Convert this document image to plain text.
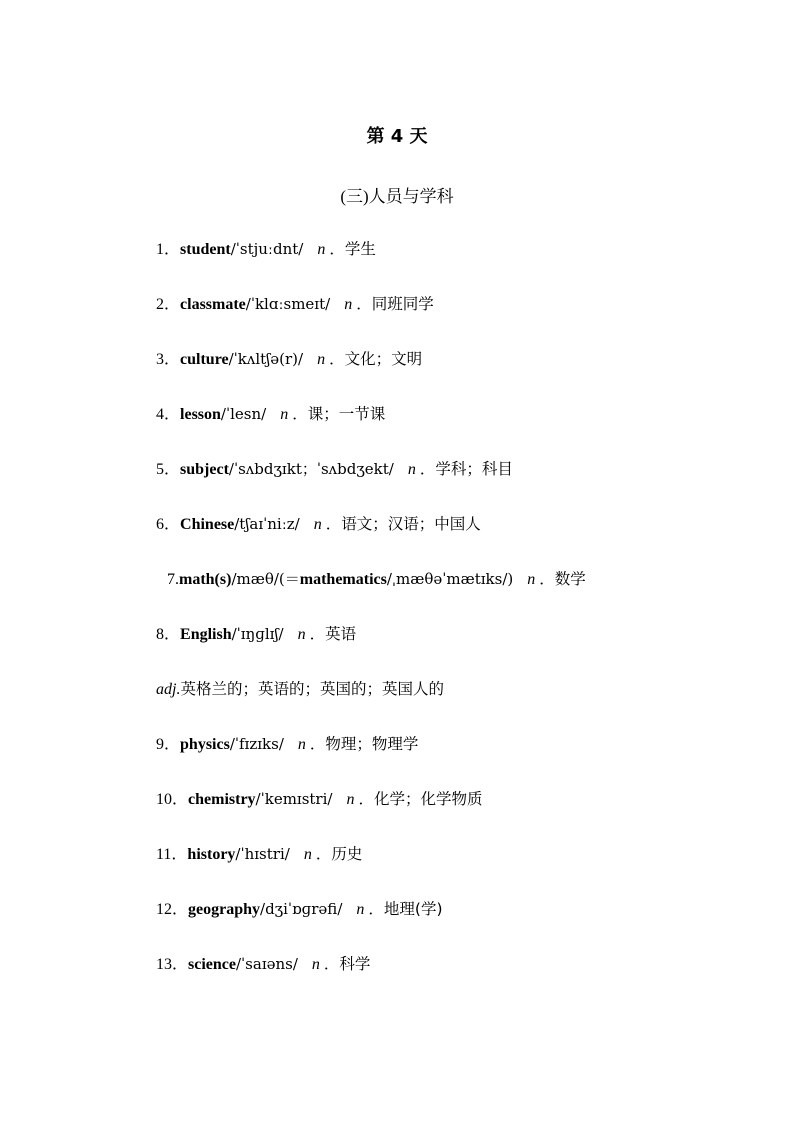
第 4 天
(三)人员与学科
1．student/ˈstjuːdnt/ n ．学生
2．classmate/ˈklɑːsmeɪt/ n ．同班同学
3．culture/ˈkʌltʃə(r)/ n ．文化；文明
4．lesson/ˈlesn/ n ．课；一节课
5．subject/ˈsʌbdʒɪkt；ˈsʌbdʒekt/ n ．学科；科目
6．Chinese/tʃaɪˈniːz/ n ．语文；汉语；中国人
7.math(s)/mæθ/(＝mathematics/ˌmæθəˈmætɪks/) n ．数学
8．English/ˈɪŋɡlɪʃ/ n ．英语
adj.英格兰的；英语的；英国的；英国人的
9．physics/ˈfɪzɪks/ n ．物理；物理学
10．chemistry/ˈkemɪstri/ n ．化学；化学物质
11．history/ˈhɪstri/ n ．历史
12．geography/dʒiˈɒɡrəfi/ n ．地理(学)
13．science/ˈsaɪəns/ n ．科学
